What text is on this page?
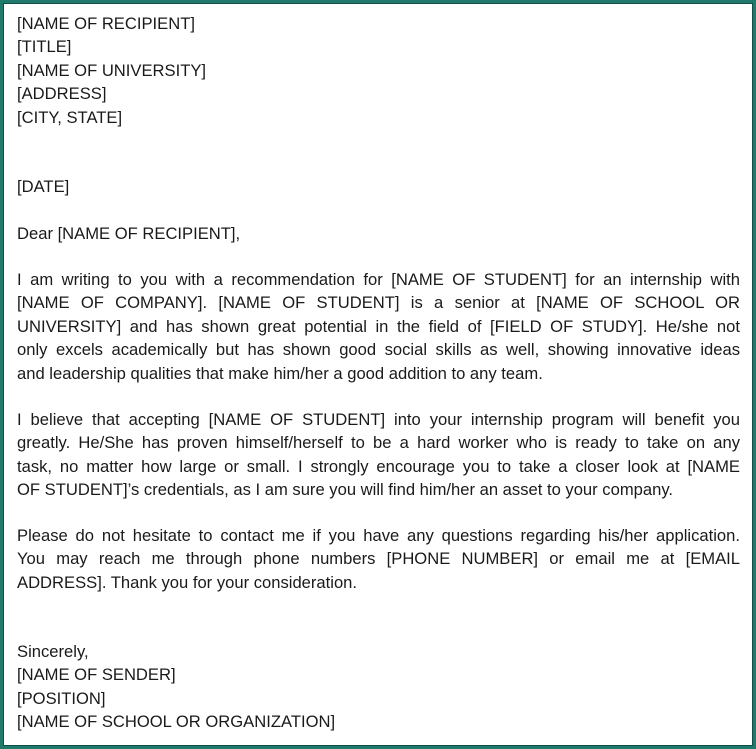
[NAME OF RECIPIENT]

[TITLE]

[NAME OF UNIVERSITY]

[ADDRESS]

[CITY, STATE]

[DATE]

Dear [NAME OF RECIPIENT],

I am writing to you with a recommendation for [NAME OF STUDENT] for an internship with

[NAME OF COMPANY]. [NAME OF STUDENT] is a senior at [NAME OF SCHOOL OR

UNIVERSITY] and has shown great potential in the field of [FIELD OF STUDY]. He/she not

only excels academically but has shown good social skills as well, showing innovative ideas

and leadership qualities that make him/her a good addition to any team.

I believe that accepting [NAME OF STUDENT] into your internship program will benefit you

greatly. He/She has proven himself/herself to be a hard worker who is ready to take on any

task, no matter how large or small. I strongly encourage you to take a closer look at [NAME

OF STUDENT]’s credentials, as I am sure you will find him/her an asset to your company.

Please do not hesitate to contact me if you have any questions regarding his/her application.

You may reach me through phone numbers [PHONE NUMBER] or email me at [EMAIL

ADDRESS]. Thank you for your consideration.

Sincerely,

[NAME OF SENDER]

[POSITION]

[NAME OF SCHOOL OR ORGANIZATION]
